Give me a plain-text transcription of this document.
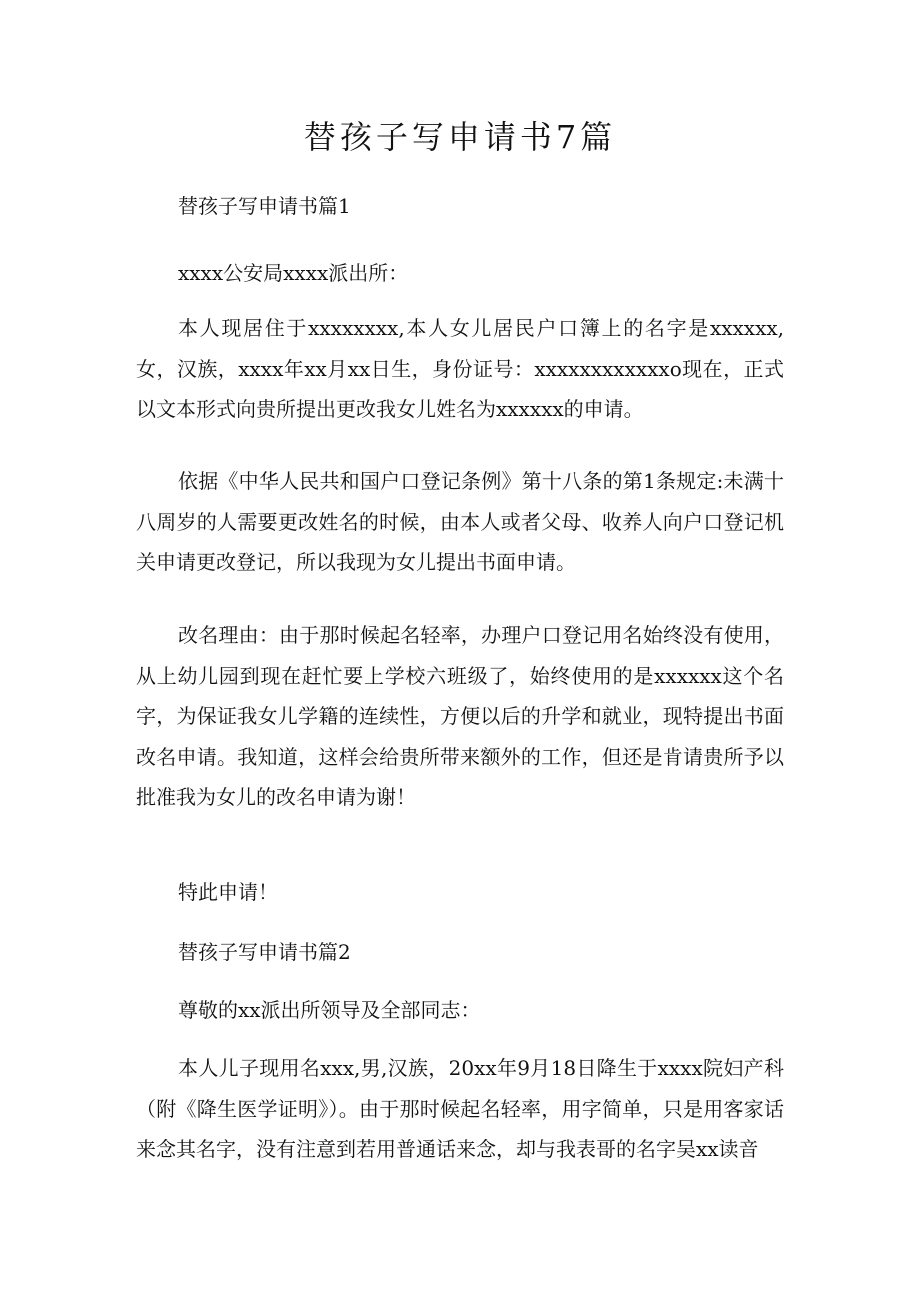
替孩子写申请书7篇

替孩子写申请书篇1

xxxx公安局xxxx派出所：

本人现居住于xxxxxxxx,本人女儿居民户口簿上的名字是xxxxxx,女，汉族，xxxx年xx月xx日生，身份证号：xxxxxxxxxxxxo现在，正式以文本形式向贵所提出更改我女儿姓名为xxxxxx的申请。

依据《中华人民共和国户口登记条例》第十八条的第1条规定:未满十八周岁的人需要更改姓名的时候，由本人或者父母、收养人向户口登记机关申请更改登记，所以我现为女儿提出书面申请。

改名理由：由于那时候起名轻率，办理户口登记用名始终没有使用，从上幼儿园到现在赶忙要上学校六班级了，始终使用的是xxxxxx这个名字，为保证我女儿学籍的连续性，方便以后的升学和就业，现特提出书面改名申请。我知道，这样会给贵所带来额外的工作，但还是肯请贵所予以批准我为女儿的改名申请为谢！

特此申请！

替孩子写申请书篇2

尊敬的xx派出所领导及全部同志：

本人儿子现用名xxx,男,汉族，20xx年9月18日降生于xxxx院妇产科（附《降生医学证明》）。由于那时候起名轻率，用字简单，只是用客家话来念其名字，没有注意到若用普通话来念，却与我表哥的名字吴xx读音
